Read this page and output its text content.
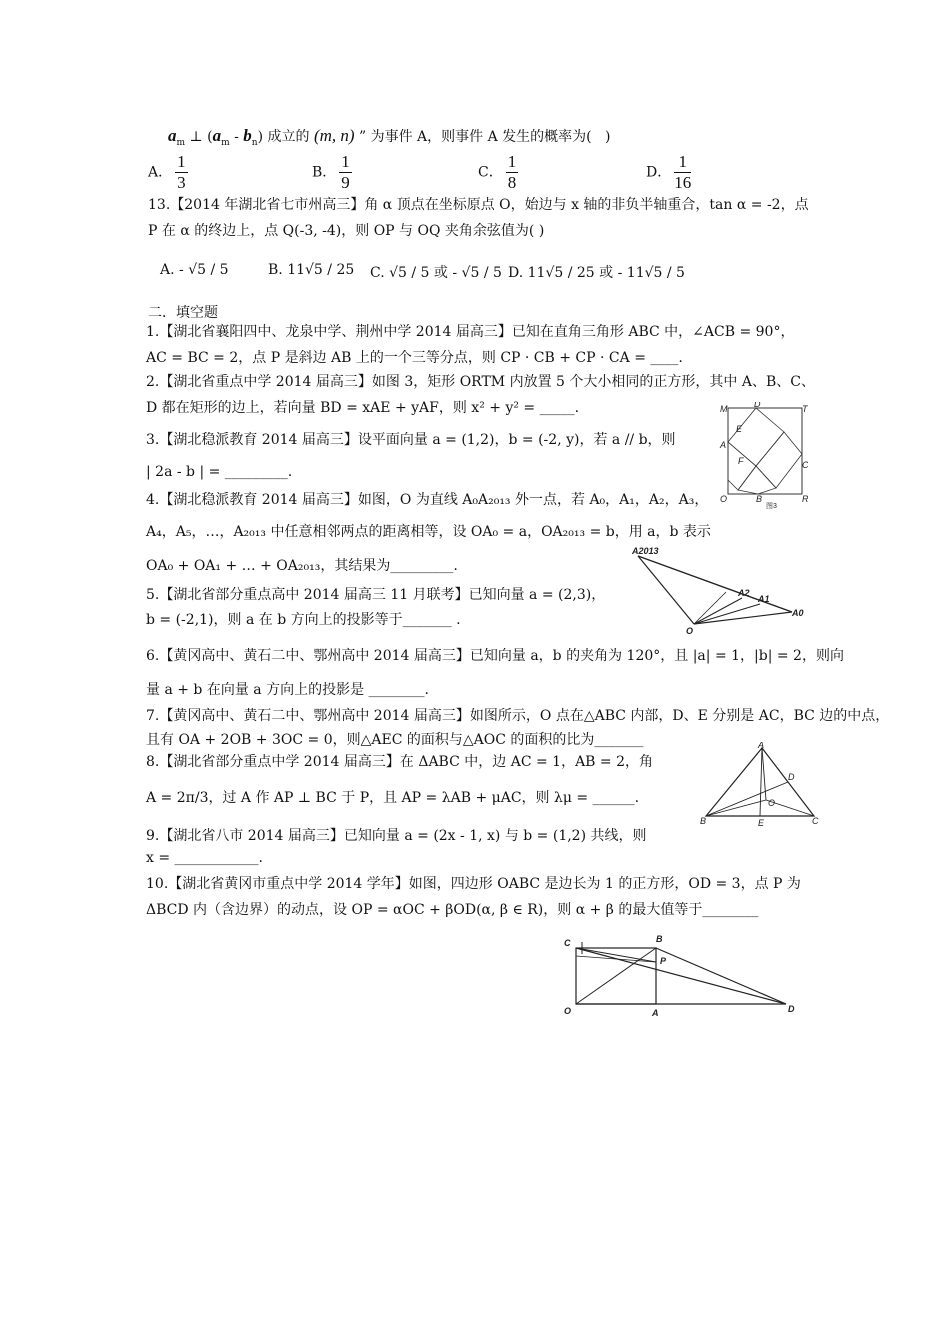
$a_m$ ⊥ $(a_m - b_n)$ 成立的 (m, n) ” 为事件 A，则事件 A 发生的概率为(   )
A． $\frac{1}{3}$	B． $\frac{1}{9}$	C． $\frac{1}{8}$	D． $\frac{1}{16}$
13.【2014 年湖北省七市州高三】角 α 顶点在坐标原点 O，始边与 x 轴的非负半轴重合，tan α = -2，点
P 在 α 的终边上，点 Q(-3, -4)，则 OP 与 OQ 夹角余弦值为( )
A. - √5 / 5	B. 11√5 / 25 C. √5 / 5 或 - √5 / 5 D. 11√5 / 25 或 - 11√5 / 5
二．填空题
1.【湖北省襄阳四中、龙泉中学、荆州中学 2014 届高三】已知在直角三角形 ABC 中，∠ACB = 90°，
AC = BC = 2，点 P 是斜边 AB 上的一个三等分点，则 CP · CB + CP · CA = ____.
2.【湖北省重点中学 2014 届高三】如图 3，矩形 ORTM 内放置 5 个大小相同的正方形，其中 A、B、C、
D 都在矩形的边上，若向量 BD = xAE + yAF，则 x² + y² = _____.
3.【湖北稳派教育 2014 届高三】设平面向量 a = (1,2)，b = (-2, y)，若 a // b，则
| 2a - b | = _________.
4.【湖北稳派教育 2014 届高三】如图，O 为直线 A₀A₂₀₁₃ 外一点，若 A₀，A₁，A₂，A₃，
A₄，A₅，…，A₂₀₁₃ 中任意相邻两点的距离相等，设 OA₀ = a，OA₂₀₁₃ = b，用 a，b 表示
OA₀ + OA₁ + … + OA₂₀₁₃，其结果为_________.
5.【湖北省部分重点高中 2014 届高三 11 月联考】已知向量 a = (2,3)，
b = (-2,1)，则 a 在 b 方向上的投影等于_______ .
6.【黄冈高中、黄石二中、鄂州高中 2014 届高三】已知向量 a，b 的夹角为 120°，且 |a| = 1，|b| = 2，则向
量 a + b 在向量 a 方向上的投影是 ________.
7.【黄冈高中、黄石二中、鄂州高中 2014 届高三】如图所示，O 点在△ABC 内部，D、E 分别是 AC，BC 边的中点，
且有 OA + 2OB + 3OC = 0，则△AEC 的面积与△AOC 的面积的比为_______
8.【湖北省部分重点中学 2014 届高三】在 ΔABC 中，边 AC = 1，AB = 2，角
A = 2π/3，过 A 作 AP ⊥ BC 于 P，且 AP = λAB + μAC，则 λμ = ______.
9.【湖北省八市 2014 届高三】已知向量 a = (2x - 1, x) 与 b = (1,2) 共线，则
x = ____________.
10.【湖北省黄冈市重点中学 2014 学年】如图，四边形 OABC 是边长为 1 的正方形，OD = 3，点 P 为
ΔBCD 内（含边界）的动点，设 OP = αOC + βOD(α, β ∈ R)，则 α + β 的最大值等于________
M	D	T
E
A
F	C
O	B	R
图3
A2013
A2
A1
A0
O
A
D
O
B	E	C
C	B
P
O	A	D
